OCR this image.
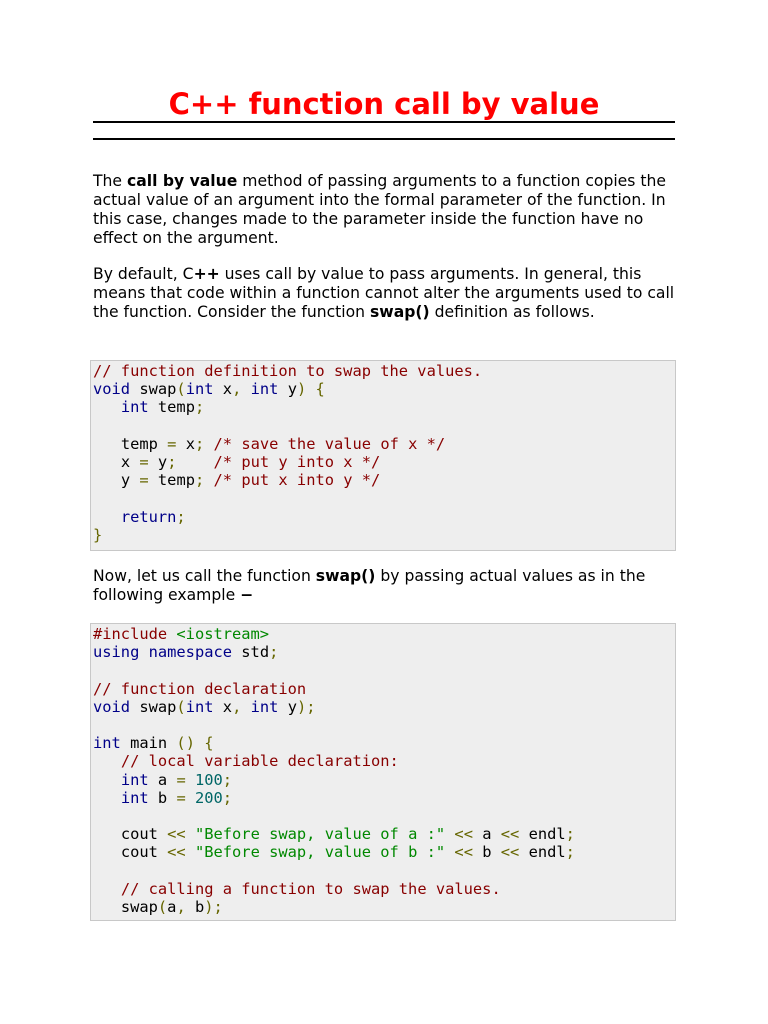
C++ function call by value

The call by value method of passing arguments to a function copies the actual value of an argument into the formal parameter of the function. In this case, changes made to the parameter inside the function have no effect on the argument.

By default, C++ uses call by value to pass arguments. In general, this means that code within a function cannot alter the arguments used to call the function. Consider the function swap() definition as follows.

// function definition to swap the values.
void swap(int x, int y) {
int temp;

temp = x; /* save the value of x */
x = y;    /* put y into x */
y = temp; /* put x into y */

return;
}

Now, let us call the function swap() by passing actual values as in the following example −

#include <iostream>
using namespace std;

// function declaration
void swap(int x, int y);

int main () {
// local variable declaration:
int a = 100;
int b = 200;

cout << "Before swap, value of a :" << a << endl;
cout << "Before swap, value of b :" << b << endl;

// calling a function to swap the values.
swap(a, b);
